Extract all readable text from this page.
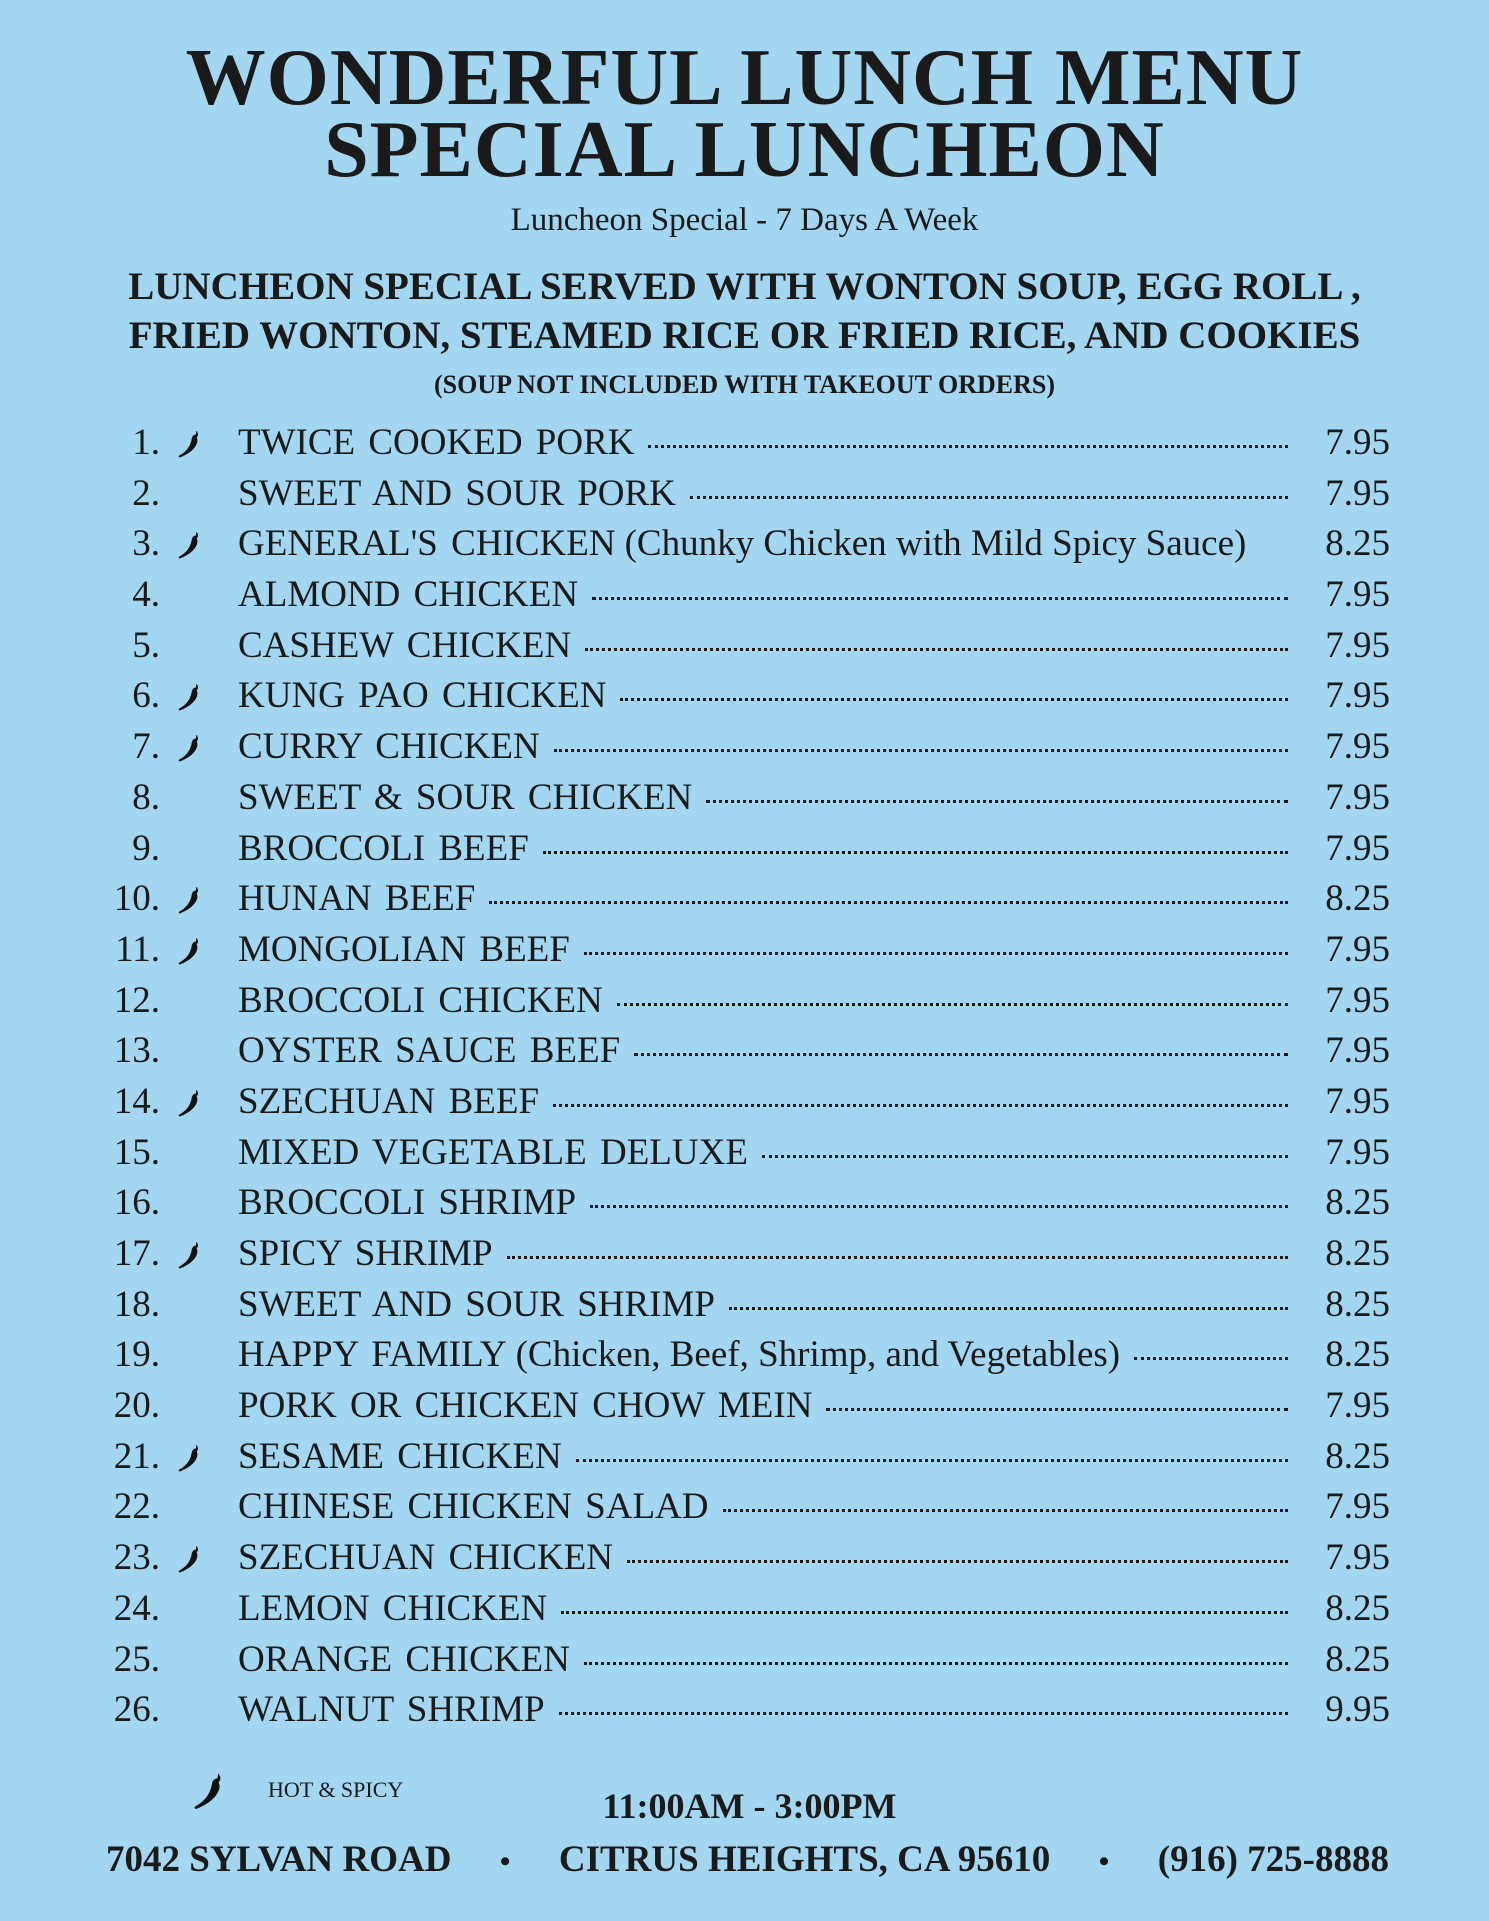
WONDERFUL LUNCH MENU
SPECIAL LUNCHEON
Luncheon Special - 7 Days A Week
LUNCHEON SPECIAL SERVED WITH WONTON SOUP, EGG ROLL ,
FRIED WONTON, STEAMED RICE OR FRIED RICE, AND COOKIES
(SOUP NOT INCLUDED WITH TAKEOUT ORDERS)
1. TWICE COOKED PORK	7.95
2. SWEET AND SOUR PORK	7.95
3. GENERAL'S CHICKEN (Chunky Chicken with Mild Spicy Sauce)	8.25
4. ALMOND CHICKEN	7.95
5. CASHEW CHICKEN	7.95
6. KUNG PAO CHICKEN	7.95
7. CURRY CHICKEN	7.95
8. SWEET & SOUR CHICKEN	7.95
9. BROCCOLI BEEF	7.95
10. HUNAN BEEF	8.25
11. MONGOLIAN BEEF	7.95
12. BROCCOLI CHICKEN	7.95
13. OYSTER SAUCE BEEF	7.95
14. SZECHUAN BEEF	7.95
15. MIXED VEGETABLE DELUXE	7.95
16. BROCCOLI SHRIMP	8.25
17. SPICY SHRIMP	8.25
18. SWEET AND SOUR SHRIMP	8.25
19. HAPPY FAMILY (Chicken, Beef, Shrimp, and Vegetables)	8.25
20. PORK OR CHICKEN CHOW MEIN	7.95
21. SESAME CHICKEN	8.25
22. CHINESE CHICKEN SALAD	7.95
23. SZECHUAN CHICKEN	7.95
24. LEMON CHICKEN	8.25
25. ORANGE CHICKEN	8.25
26. WALNUT SHRIMP	9.95
HOT & SPICY	11:00AM - 3:00PM
7042 SYLVAN ROAD	•	CITRUS HEIGHTS, CA 95610	•	(916) 725-8888
